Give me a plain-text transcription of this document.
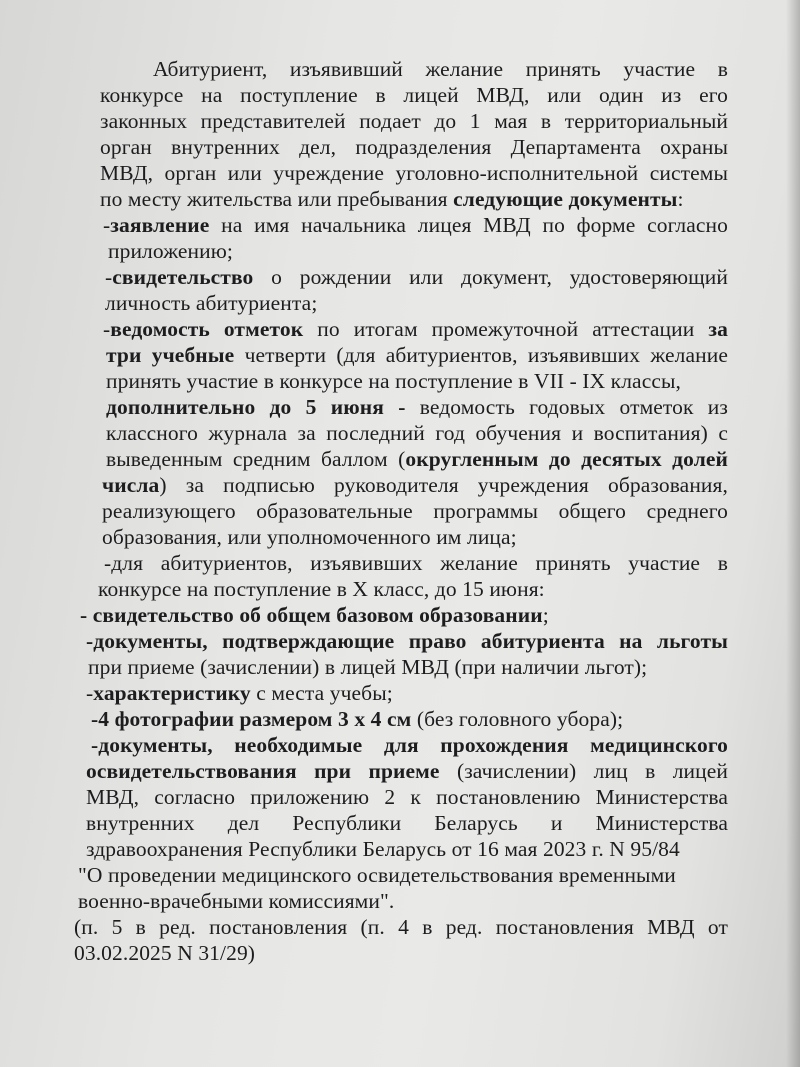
Абитуриент, изъявивший желание принять участие в
конкурсе на поступление в лицей МВД, или один из его
законных представителей подает до 1 мая в территориальный
орган внутренних дел, подразделения Департамента охраны
МВД, орган или учреждение уголовно-исполнительной системы
по месту жительства или пребывания следующие документы:
-заявление на имя начальника лицея МВД по форме согласно
приложению;
-свидетельство о рождении или документ, удостоверяющий
личность абитуриента;
-ведомость отметок по итогам промежуточной аттестации за
три учебные четверти (для абитуриентов, изъявивших желание
принять участие в конкурсе на поступление в VII - IX классы,
дополнительно до 5 июня - ведомость годовых отметок из
классного журнала за последний год обучения и воспитания) с
выведенным средним баллом (округленным до десятых долей
числа) за подписью руководителя учреждения образования,
реализующего образовательные программы общего среднего
образования, или уполномоченного им лица;
-для абитуриентов, изъявивших желание принять участие в
конкурсе на поступление в X класс, до 15 июня:
- свидетельство об общем базовом образовании;
-документы, подтверждающие право абитуриента на льготы
при приеме (зачислении) в лицей МВД (при наличии льгот);
-характеристику с места учебы;
-4 фотографии размером 3 х 4 см (без головного убора);
-документы, необходимые для прохождения медицинского
освидетельствования при приеме (зачислении) лиц в лицей
МВД, согласно приложению 2 к постановлению Министерства
внутренних дел Республики Беларусь и Министерства
здравоохранения Республики Беларусь от 16 мая 2023 г. N 95/84
"О проведении медицинского освидетельствования временными
военно-врачебными комиссиями".
(п. 5 в ред. постановления (п. 4 в ред. постановления МВД от
03.02.2025 N 31/29)
